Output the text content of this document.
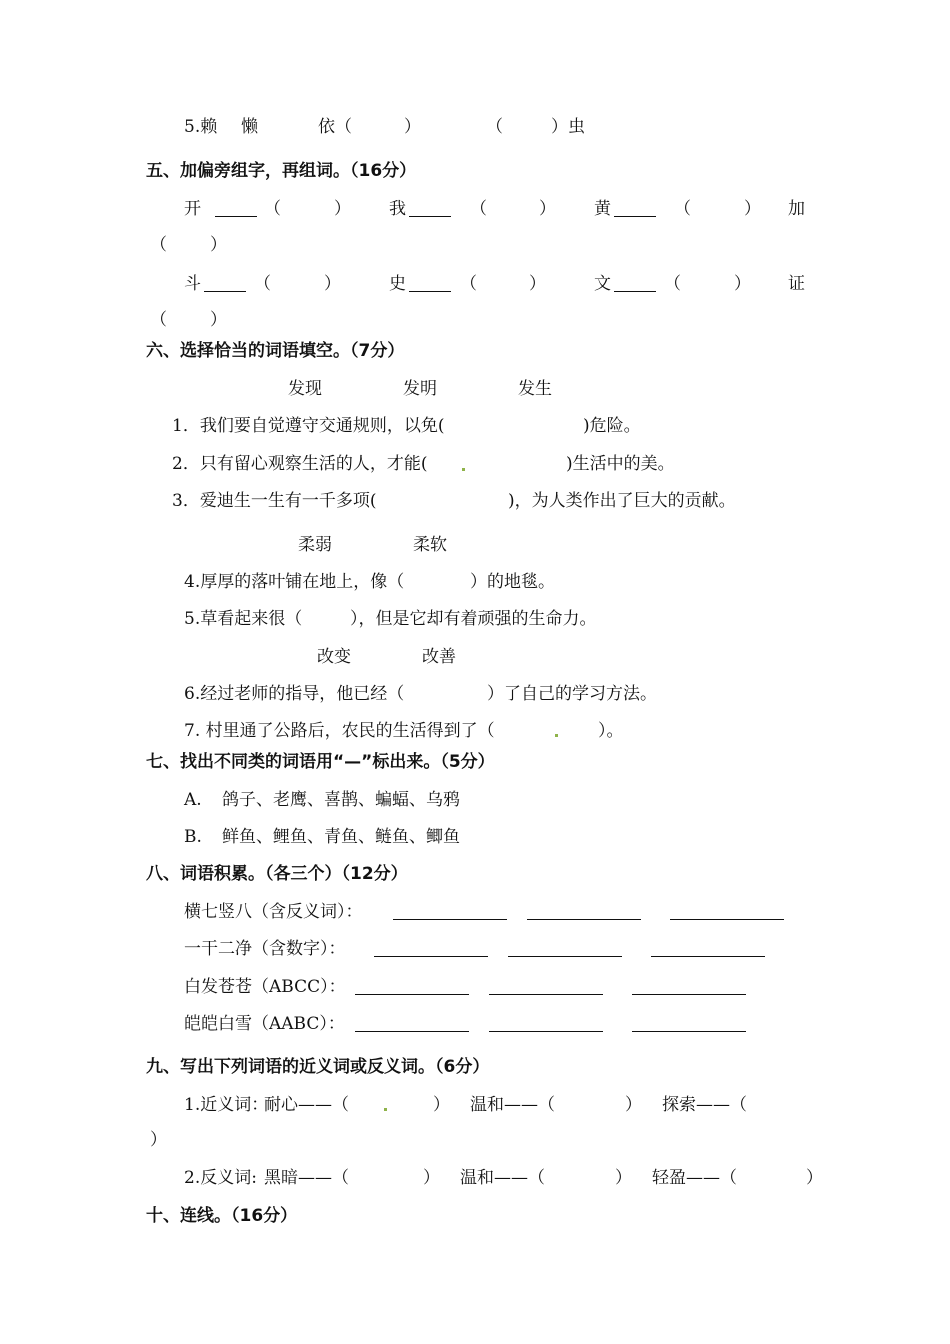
5.赖 懒	依（	）	（	）虫
五、加偏旁组字，再组词。（16分）
开	（	） 我	（	） 黄	（	） 加
（	）
斗	（	）	史	（	）	文	（	） 证
（	）
六、选择恰当的词语填空。（7分）
发现	发明	发生
1．我们要自觉遵守交通规则，以免(	)危险。
2．只有留心观察生活的人，才能(	)生活中的美。
3．爱迪生一生有一千多项(	)，为人类作出了巨大的贡献。
柔弱	柔软
4.厚厚的落叶铺在地上，像（	）的地毯。
5.草看起来很（	），但是它却有着顽强的生命力。
改变	改善
6.经过老师的指导，他已经（	）了自己的学习方法。
7. 村里通了公路后，农民的生活得到了（	）。
七、找出不同类的词语用“—”标出来。（5分）
A. 鸽子、老鹰、喜鹊、蝙蝠、乌鸦
B. 鲜鱼、鲤鱼、青鱼、鲢鱼、鲫鱼
八、词语积累。（各三个）（12分）
横七竖八（含反义词）：
一干二净（含数字）：
白发苍苍（ABCC）：
皑皑白雪（AABC）：
九、写出下列词语的近义词或反义词。（6分）
1.近义词：
耐心——（	） 温和——（	） 探索——（
）
2.反义词: 黑暗——（	） 温和——（	） 轻盈——（	）
十、连线。（16分）
